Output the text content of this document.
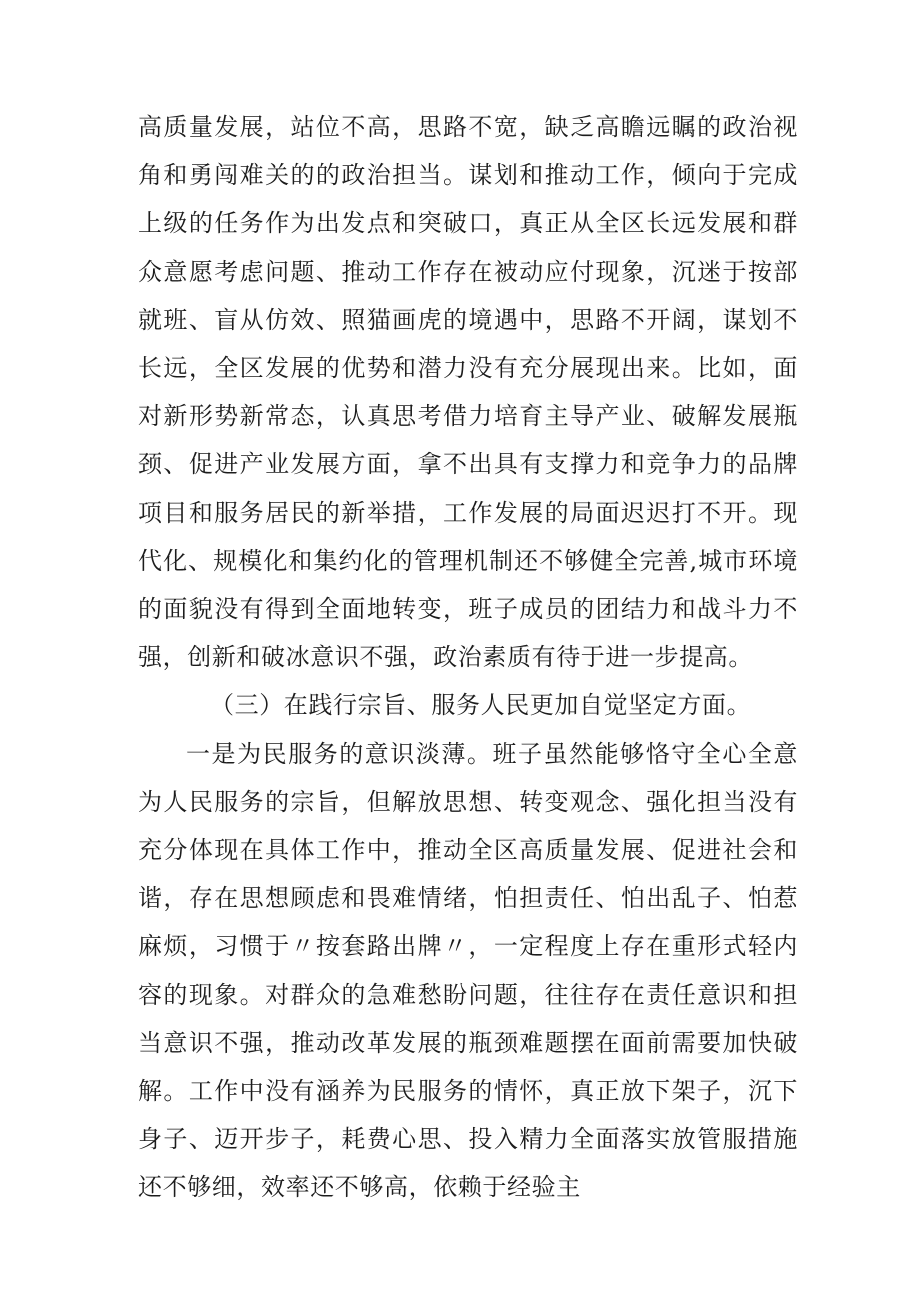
高质量发展，站位不高，思路不宽，缺乏高瞻远瞩的政治视角和勇闯难关的的政治担当。谋划和推动工作，倾向于完成上级的任务作为出发点和突破口，真正从全区长远发展和群众意愿考虑问题、推动工作存在被动应付现象，沉迷于按部就班、盲从仿效、照猫画虎的境遇中，思路不开阔，谋划不长远，全区发展的优势和潜力没有充分展现出来。比如，面对新形势新常态，认真思考借力培育主导产业、破解发展瓶颈、促进产业发展方面，拿不出具有支撑力和竞争力的品牌项目和服务居民的新举措，工作发展的局面迟迟打不开。现代化、规模化和集约化的管理机制还不够健全完善,城市环境的面貌没有得到全面地转变，班子成员的团结力和战斗力不强，创新和破冰意识不强，政治素质有待于进一步提高。

（三）在践行宗旨、服务人民更加自觉坚定方面。

一是为民服务的意识淡薄。班子虽然能够恪守全心全意为人民服务的宗旨，但解放思想、转变观念、强化担当没有充分体现在具体工作中，推动全区高质量发展、促进社会和谐，存在思想顾虑和畏难情绪，怕担责任、怕出乱子、怕惹麻烦，习惯于〃按套路出牌〃，一定程度上存在重形式轻内容的现象。对群众的急难愁盼问题，往往存在责任意识和担当意识不强，推动改革发展的瓶颈难题摆在面前需要加快破解。工作中没有涵养为民服务的情怀，真正放下架子，沉下身子、迈开步子，耗费心思、投入精力全面落实放管服措施还不够细，效率还不够高，依赖于经验主
